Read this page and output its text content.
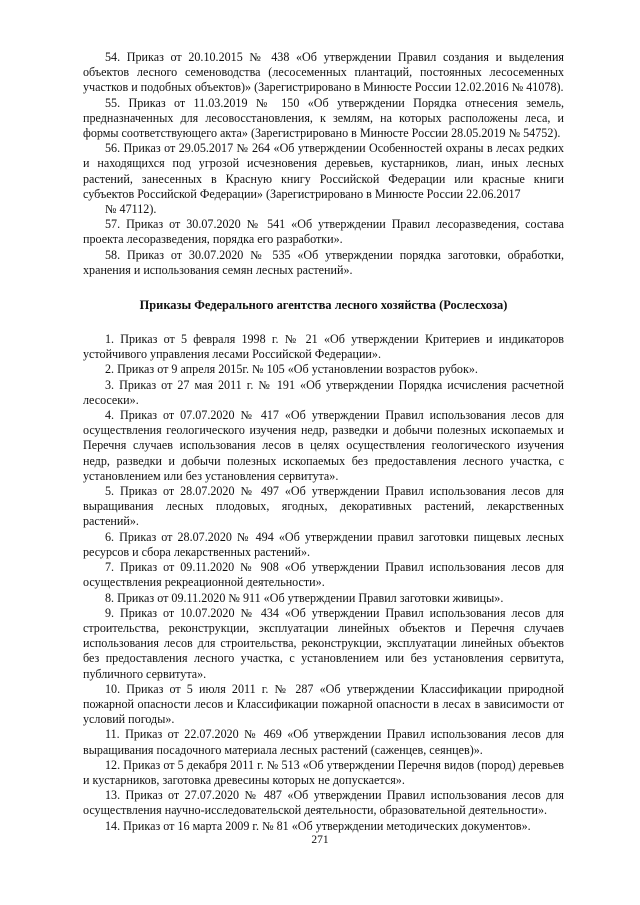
54. Приказ от 20.10.2015 № 438 «Об утверждении Правил создания и выделения объектов лесного семеноводства (лесосеменных плантаций, постоянных лесосеменных участков и подобных объектов)» (Зарегистрировано в Минюсте России 12.02.2016 № 41078).

55. Приказ от 11.03.2019 № 150 «Об утверждении Порядка отнесения земель, предназначенных для лесовосстановления, к землям, на которых расположены леса, и формы соответствующего акта» (Зарегистрировано в Минюсте России 28.05.2019 № 54752).

56. Приказ от 29.05.2017 № 264 «Об утверждении Особенностей охраны в лесах редких и находящихся под угрозой исчезновения деревьев, кустарников, лиан, иных лесных растений, занесенных в Красную книгу Российской Федерации или красные книги субъектов Российской Федерации» (Зарегистрировано в Минюсте России 22.06.2017

№ 47112).

57. Приказ от 30.07.2020 № 541 «Об утверждении Правил лесоразведения, состава проекта лесоразведения, порядка его разработки».

58. Приказ от 30.07.2020 № 535 «Об утверждении порядка заготовки, обработки, хранения и использования семян лесных растений».

Приказы Федерального агентства лесного хозяйства (Рослесхоза)

1. Приказ от 5 февраля 1998 г. № 21 «Об утверждении Критериев и индикаторов устойчивого управления лесами Российской Федерации».

2. Приказ от 9 апреля 2015г. № 105 «Об установлении возрастов рубок».

3. Приказ от 27 мая 2011 г. № 191 «Об утверждении Порядка исчисления расчетной лесосеки».

4. Приказ от 07.07.2020 № 417 «Об утверждении Правил использования лесов для осуществления геологического изучения недр, разведки и добычи полезных ископаемых и Перечня случаев использования лесов в целях осуществления геологического изучения недр, разведки и добычи полезных ископаемых без предоставления лесного участка, с установлением или без установления сервитута».

5. Приказ от 28.07.2020 № 497 «Об утверждении Правил использования лесов для выращивания лесных плодовых, ягодных, декоративных растений, лекарственных растений».

6. Приказ от 28.07.2020 № 494 «Об утверждении правил заготовки пищевых лесных ресурсов и сбора лекарственных растений».

7. Приказ от 09.11.2020 № 908 «Об утверждении Правил использования лесов для осуществления рекреационной деятельности».

8. Приказ от 09.11.2020 № 911 «Об утверждении Правил заготовки живицы».

9. Приказ от 10.07.2020 № 434 «Об утверждении Правил использования лесов для строительства, реконструкции, эксплуатации линейных объектов и Перечня случаев использования лесов для строительства, реконструкции, эксплуатации линейных объектов без предоставления лесного участка, с установлением или без установления сервитута, публичного сервитута».

10. Приказ от 5 июля 2011 г. № 287 «Об утверждении Классификации природной пожарной опасности лесов и Классификации пожарной опасности в лесах в зависимости от условий погоды».

11. Приказ от 22.07.2020 № 469 «Об утверждении Правил использования лесов для выращивания посадочного материала лесных растений (саженцев, сеянцев)».

12. Приказ от 5 декабря 2011 г. № 513 «Об утверждении Перечня видов (пород) деревьев и кустарников, заготовка древесины которых не допускается».

13. Приказ от 27.07.2020 № 487 «Об утверждении Правил использования лесов для осуществления научно-исследовательской деятельности, образовательной деятельности».

14. Приказ от 16 марта 2009 г. № 81 «Об утверждении методических документов».

271
